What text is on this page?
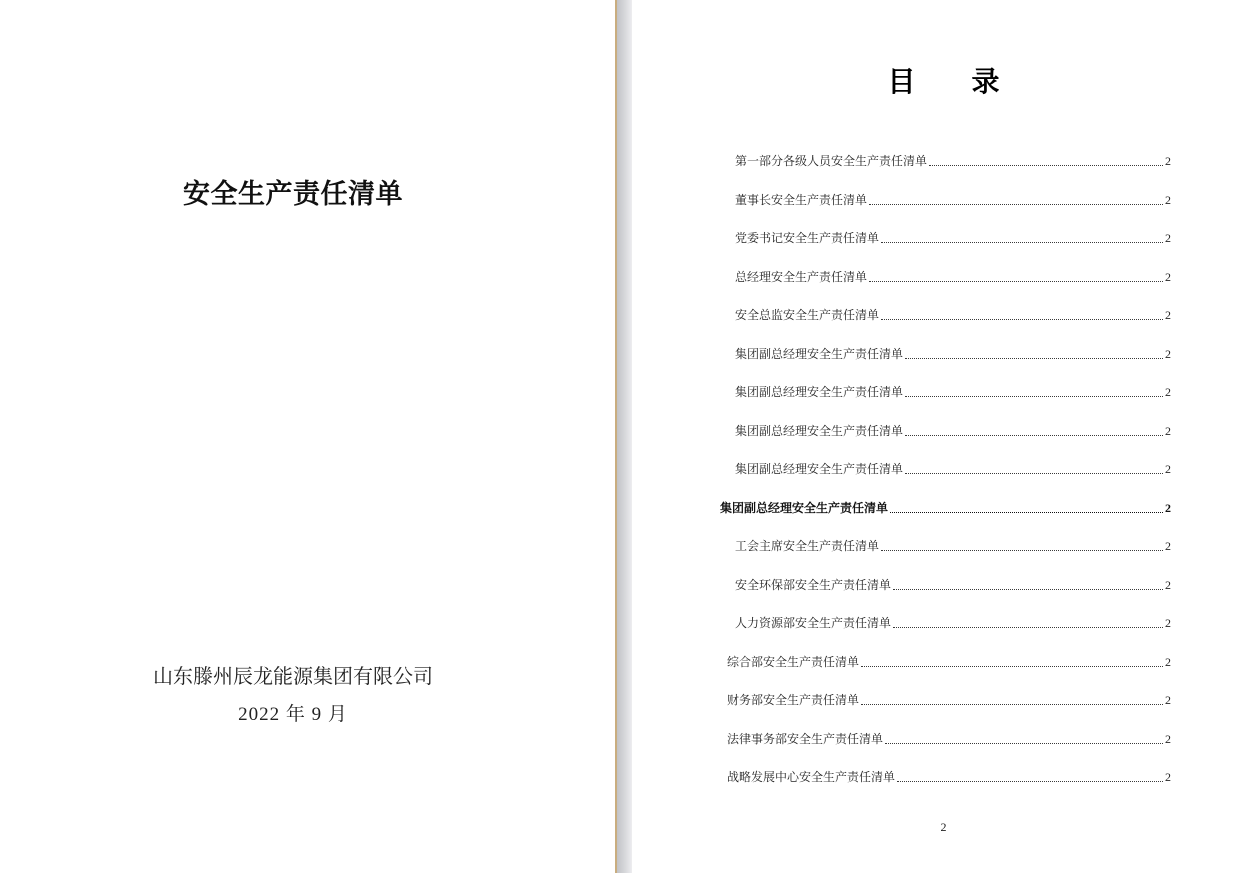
安全生产责任清单
山东滕州辰龙能源集团有限公司
2022 年 9 月
目　　录
第一部分各级人员安全生产责任清单	2
董事长安全生产责任清单	2
党委书记安全生产责任清单	2
总经理安全生产责任清单	2
安全总监安全生产责任清单	2
集团副总经理安全生产责任清单	2
集团副总经理安全生产责任清单	2
集团副总经理安全生产责任清单	2
集团副总经理安全生产责任清单	2
集团副总经理安全生产责任清单	2
工会主席安全生产责任清单	2
安全环保部安全生产责任清单	2
人力资源部安全生产责任清单	2
综合部安全生产责任清单	2
财务部安全生产责任清单	2
法律事务部安全生产责任清单	2
战略发展中心安全生产责任清单	2
2
